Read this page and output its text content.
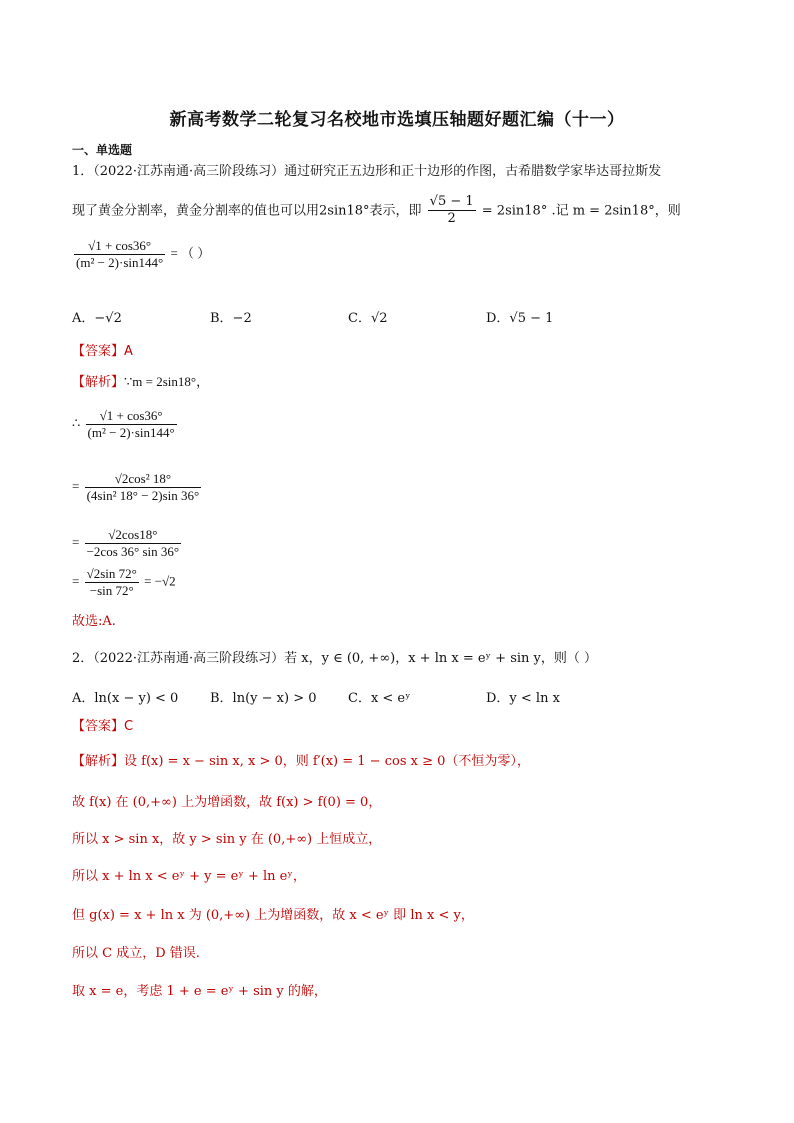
新高考数学二轮复习名校地市选填压轴题好题汇编（十一）
一、单选题
1．（2022·江苏南通·高三阶段练习）通过研究正五边形和正十边形的作图，古希腊数学家毕达哥拉斯发
现了黄金分割率，黄金分割率的值也可以用2sin18°表示，即 $\frac{√5 - 1}{2} = 2\sin 18^\circ$ .记 m = 2sin18°，则
$\frac{√1 + \cos 36^\circ}{\text{(m² − 2)·sin144°}}$ = （ ）
A．−√2	B．−2	C．√2	D．√5 − 1
【答案】A
【解析】∵m = 2sin18°，
∴ $\frac{√1 + \cos 36^\circ}{\text{(m² − 2)·sin144°}}$
= $\frac{\text{√2cos² 18°}}{\text{(4sin² 18° − 2)sin 36°}}$
= $\frac{√2\cos 18^\circ}{-2\cos 36^\circ \sin 36^\circ}$
= $\frac{√2\sin 72^\circ}{-\sin 72^\circ} = -√2$
故选:A.
2．（2022·江苏南通·高三阶段练习）若 x，y ∈ (0, +∞)，x + ln x = eʸ + sin y，则（ ）
A．ln(x − y) < 0 B．ln(y − x) > 0 C．x < eʸ	D．y < ln x
【答案】C
【解析】设 f(x) = x − sin x, x > 0，则 f′(x) = 1 − cos x ≥ 0（不恒为零），
故 f(x) 在 (0,+∞) 上为增函数，故 f(x) > f(0) = 0，
所以 x > sin x，故 y > sin y 在 (0,+∞) 上恒成立，
所以 x + ln x < eʸ + y = eʸ + ln eʸ，
但 g(x) = x + ln x 为 (0,+∞) 上为增函数，故 x < eʸ 即 ln x < y，
所以 C 成立，D 错误.
取 x = e，考虑 1 + e = eʸ + sin y 的解，
